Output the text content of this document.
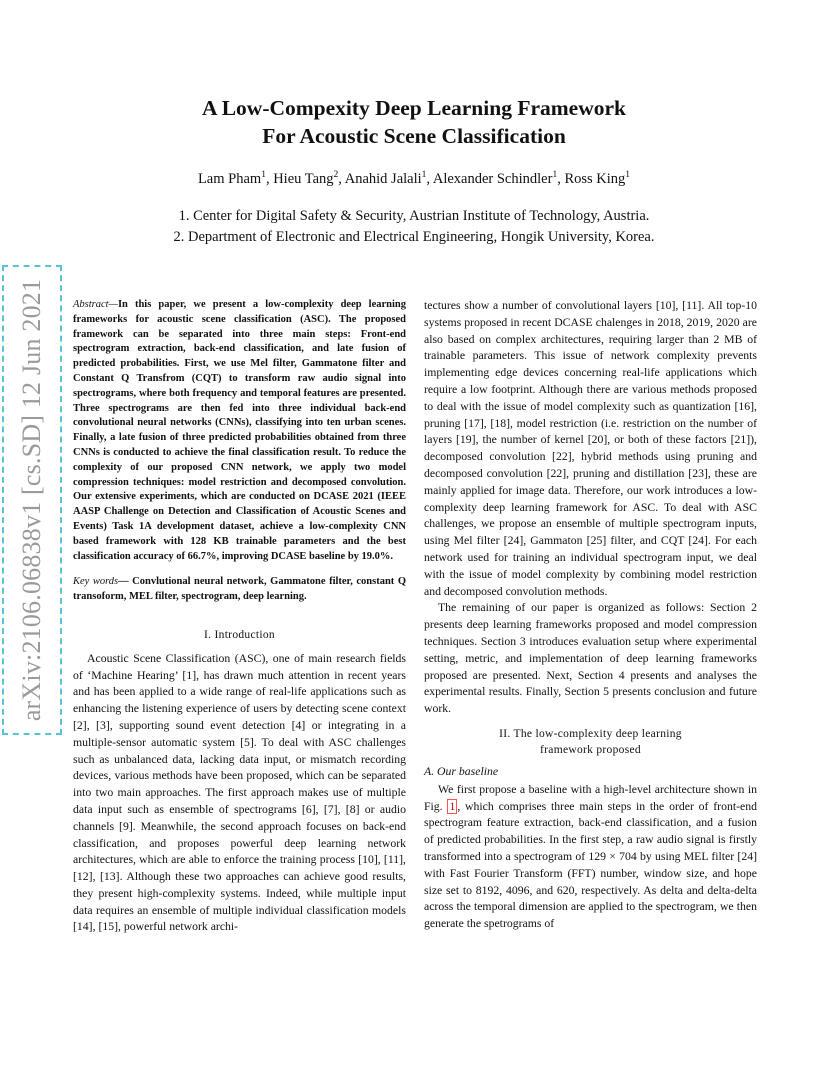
A Low-Compexity Deep Learning Framework
For Acoustic Scene Classification
Lam Pham$^1$, Hieu Tang$^2$, Anahid Jalali$^1$, Alexander Schindler$^1$, Ross King$^1$
1. Center for Digital Safety & Security, Austrian Institute of Technology, Austria.
2. Department of Electronic and Electrical Engineering, Hongik University, Korea.
arXiv:2106.06838v1 [cs.SD] 12 Jun 2021	Abstract—In this paper, we present a low-complexity deep learning frameworks for acoustic scene classification (ASC). The proposed framework can be separated into three main steps: Front-end spectrogram extraction, back-end classification, and late fusion of predicted probabilities. First, we use Mel filter, Gammatone filter and Constant Q Transfrom (CQT) to transform raw audio signal into spectrograms, where both frequency and temporal features are presented. Three spectrograms are then fed into three individual back-end convolutional neural networks (CNNs), classifying into ten urban scenes. Finally, a late fusion of three predicted probabilities obtained from three CNNs is conducted to achieve the final classification result. To reduce the complexity of our proposed CNN network, we apply two model compression techniques: model restriction and decomposed convolution. Our extensive experiments, which are conducted on DCASE 2021 (IEEE AASP Challenge on Detection and Classification of Acoustic Scenes and Events) Task 1A development dataset, achieve a low-complexity CNN based framework with 128 KB trainable parameters and the best classification accuracy of 66.7%, improving DCASE baseline by 19.0%.
Key words— Convlutional neural network, Gammatone filter, constant Q transoform, MEL filter, spectrogram, deep learning.
I. Introduction

Acoustic Scene Classification (ASC), one of main research fields of ‘Machine Hearing’ [1], has drawn much attention in recent years and has been applied to a wide range of real-life applications such as enhancing the listening experience of users by detecting scene context [2], [3], supporting sound event detection [4] or integrating in a multiple-sensor automatic system [5]. To deal with ASC challenges such as unbalanced data, lacking data input, or mismatch recording devices, various methods have been proposed, which can be separated into two main approaches. The first approach makes use of multiple data input such as ensemble of spectrograms [6], [7], [8] or audio channels [9]. Meanwhile, the second approach focuses on back-end classification, and proposes powerful deep learning network architectures, which are able to enforce the training process [10], [11], [12], [13]. Although these two approaches can achieve good results, they present high-complexity systems. Indeed, while multiple input data requires an ensemble of multiple individual classification models [14], [15], powerful network archi-

tectures show a number of convolutional layers [10], [11]. All top-10 systems proposed in recent DCASE chalenges in 2018, 2019, 2020 are also based on complex architectures, requiring larger than 2 MB of trainable parameters. This issue of network complexity prevents implementing edge devices concerning real-life applications which require a low footprint. Although there are various methods proposed to deal with the issue of model complexity such as quantization [16], pruning [17], [18], model restriction (i.e. restriction on the number of layers [19], the number of kernel [20], or both of these factors [21]), decomposed convolution [22], hybrid methods using pruning and decomposed convolution [22], pruning and distillation [23], these are mainly applied for image data. Therefore, our work introduces a low-complexity deep learning framework for ASC. To deal with ASC challenges, we propose an ensemble of multiple spectrogram inputs, using Mel filter [24], Gammaton [25] filter, and CQT [24]. For each network used for training an individual spectrogram input, we deal with the issue of model complexity by combining model restriction and decomposed convolution methods.

The remaining of our paper is organized as follows: Section 2 presents deep learning frameworks proposed and model compression techniques. Section 3 introduces evaluation setup where experimental setting, metric, and implementation of deep learning frameworks proposed are presented. Next, Section 4 presents and analyses the experimental results. Finally, Section 5 presents conclusion and future work.

II. The low-complexity deep learning
framework proposed
A. Our baseline

We first propose a baseline with a high-level architecture shown in Fig. 1 , which comprises three main steps in the order of front-end spectrogram feature extraction, back-end classification, and a fusion of predicted probabilities. In the first step, a raw audio signal is firstly transformed into a spectrogram of 129 × 704 by using MEL filter [24] with Fast Fourier Transform (FFT) number, window size, and hope size set to 8192, 4096, and 620, respectively. As delta and delta-delta across the temporal dimension are applied to the spectrogram, we then generate the spetrograms of
